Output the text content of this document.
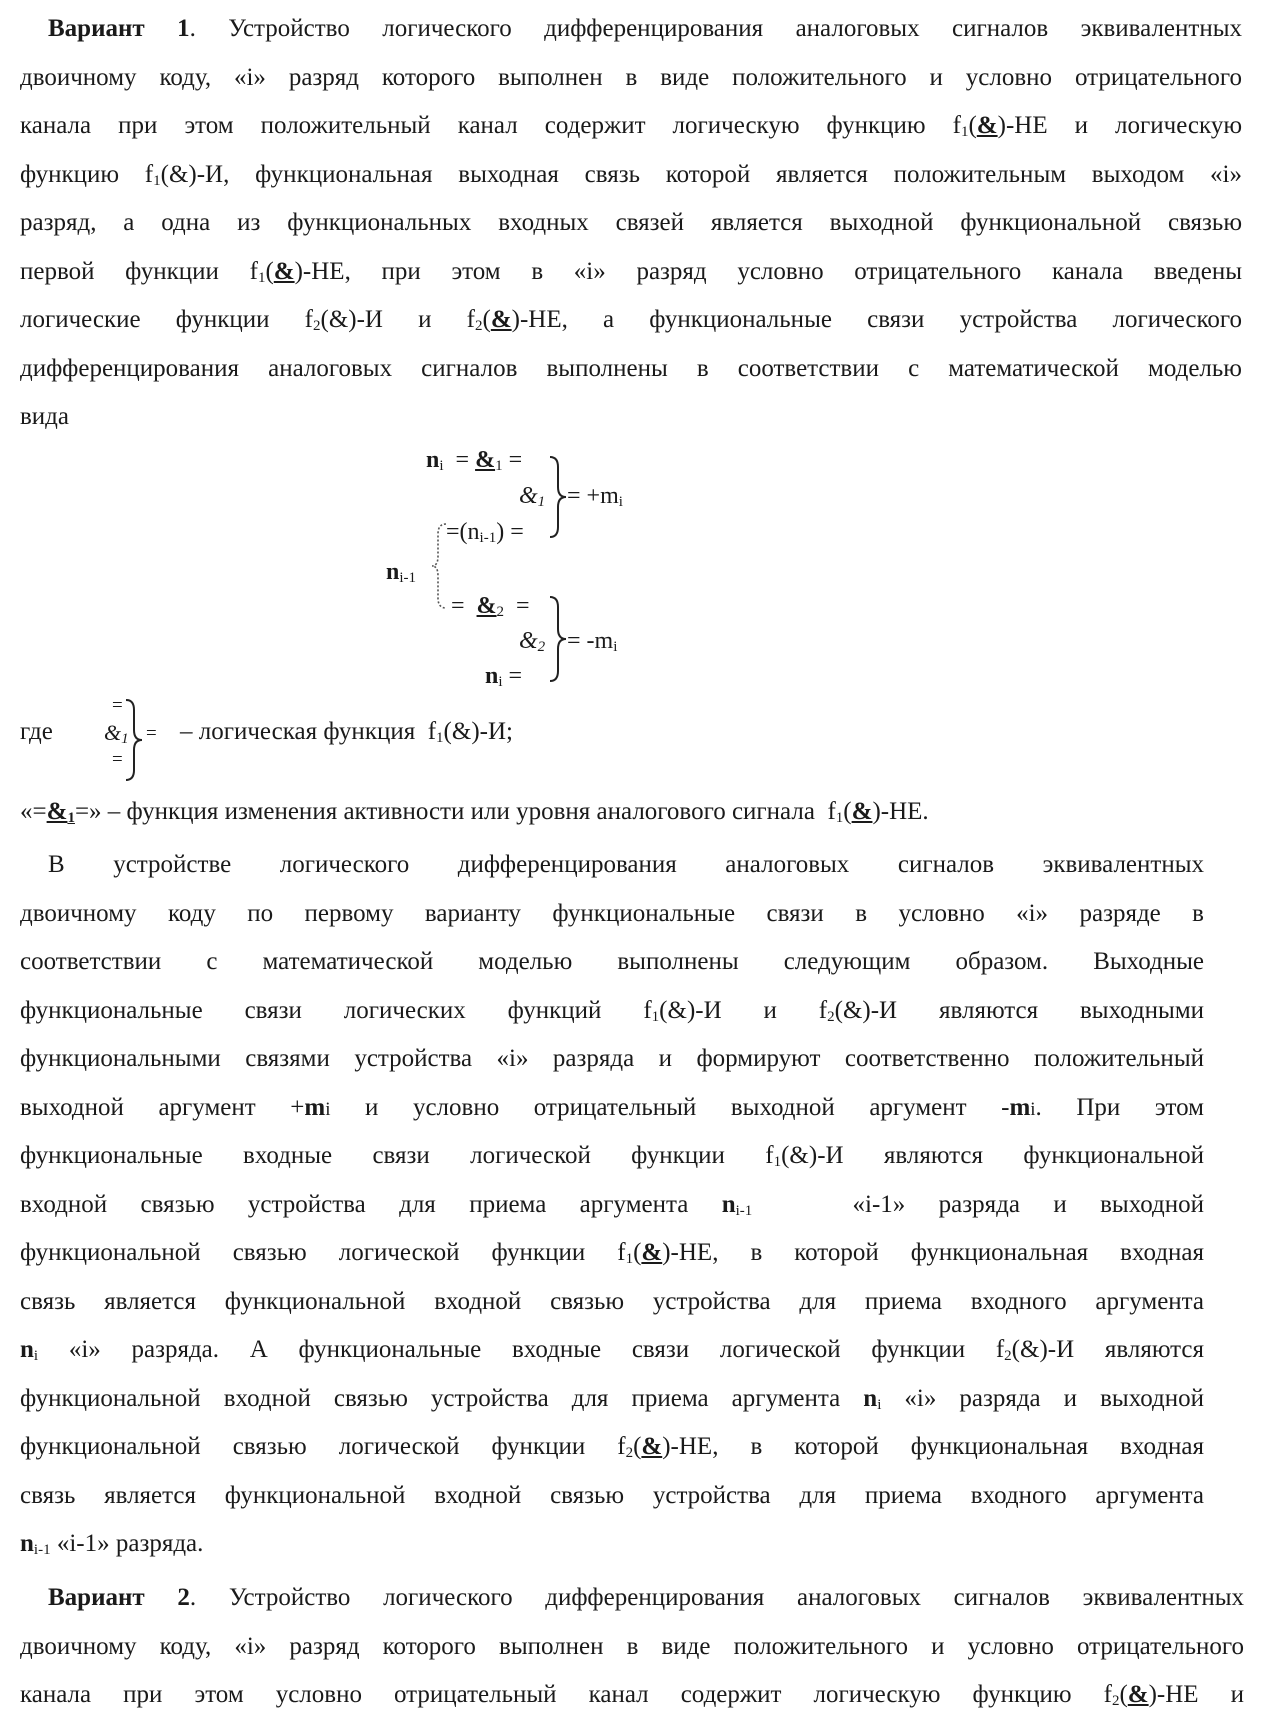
Вариант 1. Устройство логического дифференцирования аналоговых сигналов эквивалентных
двоичному коду, «i» разряд которого выполнен в виде положительного и условно отрицательного
канала при этом положительный канал содержит логическую функцию f1(&)-НЕ и логическую
функцию f1(&)-И, функциональная выходная связь которой является положительным выходом «i»
разряд, а одна из функциональных входных связей является выходной функциональной связью
первой функции f1(&)-НЕ, при этом в «i» разряд условно отрицательного канала введены
логические функции f2(&)-И и f2(&)-НЕ, а функциональные связи устройства логического
дифференцирования аналоговых сигналов выполнены в соответствии с математической моделью
вида
ni = &1 =
&1 = +mi
=(ni-1) =
ni-1
= &2 =
&2 = -mi
ni =
где
=
&1
=
= – логическая функция f1(&)-И;
«=&1=» – функция изменения активности или уровня аналогового сигнала f1(&)-НЕ.
В устройстве логического дифференцирования аналоговых сигналов эквивалентных
двоичному коду по первому варианту функциональные связи в условно «i» разряде в
соответствии с математической моделью выполнены следующим образом. Выходные
функциональные связи логических функций f1(&)-И и f2(&)-И являются выходными
функциональными связями устройства «i» разряда и формируют соответственно положительный
выходной аргумент +mi и условно отрицательный выходной аргумент -mi. При этом
функциональные входные связи логической функции f1(&)-И являются функциональной
входной связью устройства для приема аргумента ni-1	«i-1» разряда и выходной
функциональной связью логической функции f1(&)-НЕ, в которой функциональная входная
связь является функциональной входной связью устройства для приема входного аргумента
ni «i» разряда. А функциональные входные связи логической функции f2(&)-И являются
функциональной входной связью устройства для приема аргумента ni «i» разряда и выходной
функциональной связью логической функции f2(&)-НЕ, в которой функциональная входная
связь является функциональной входной связью устройства для приема входного аргумента
ni-1 «i-1» разряда.
Вариант 2. Устройство логического дифференцирования аналоговых сигналов эквивалентных
двоичному коду, «i» разряд которого выполнен в виде положительного и условно отрицательного
канала при этом условно отрицательный канал содержит логическую функцию f2(&)-НЕ и
